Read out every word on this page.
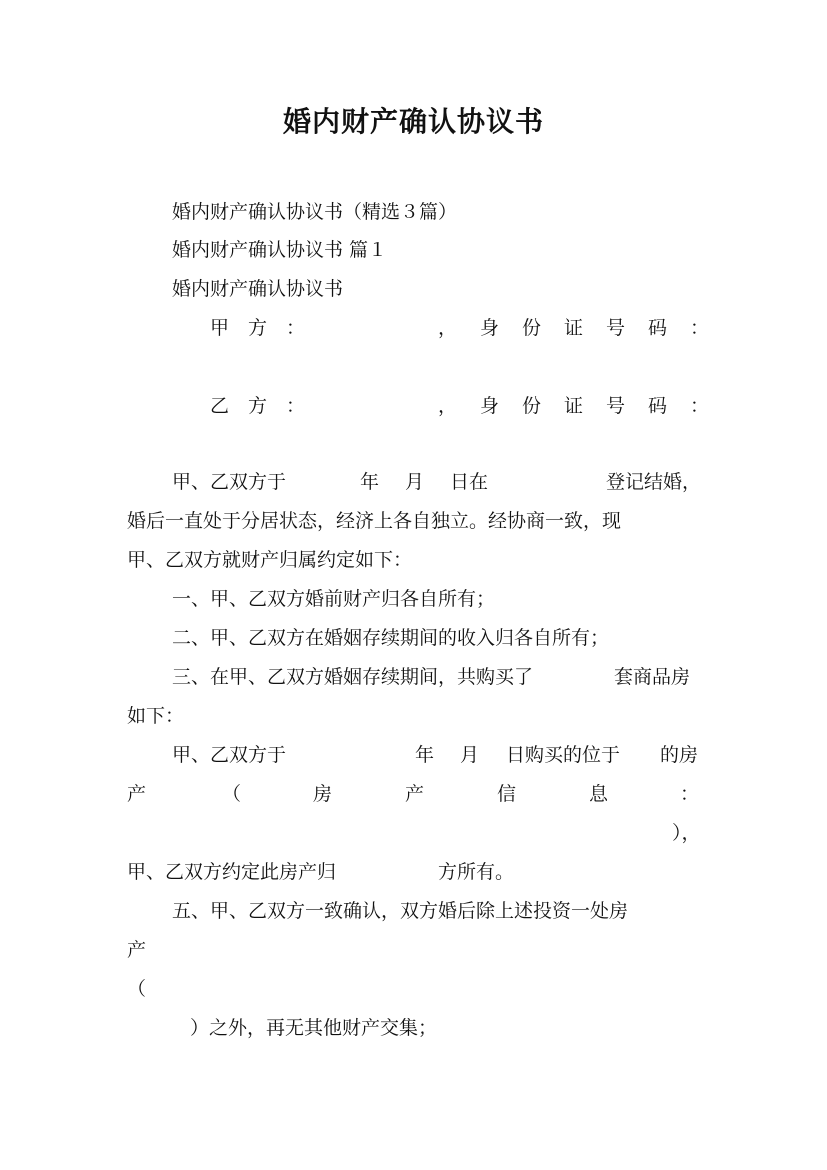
婚内财产确认协议书
婚内财产确认协议书（精选３篇）
婚内财产确认协议书 篇１
婚内财产确认协议书
甲　方　：	， 身　份　证　号　码　：
乙　方　：	， 身　份　证　号　码　：
甲、乙双方于	年 月 日在	登记结婚，
婚后一直处于分居状态，经济上各自独立。经协商一致，现
甲、乙双方就财产归属约定如下：
一、甲、乙双方婚前财产归各自所有；
二、甲、乙双方在婚姻存续期间的收入归各自所有；
三、在甲、乙双方婚姻存续期间，共购买了	套商品房
如下：
甲、乙双方于	年 月 日购买的位于 的房
产	（	房	产	信	息	：
），
甲、乙双方约定此房产归	方所有。
五、甲、乙双方一致确认，双方婚后除上述投资一处房
产
（
）之外，再无其他财产交集；
